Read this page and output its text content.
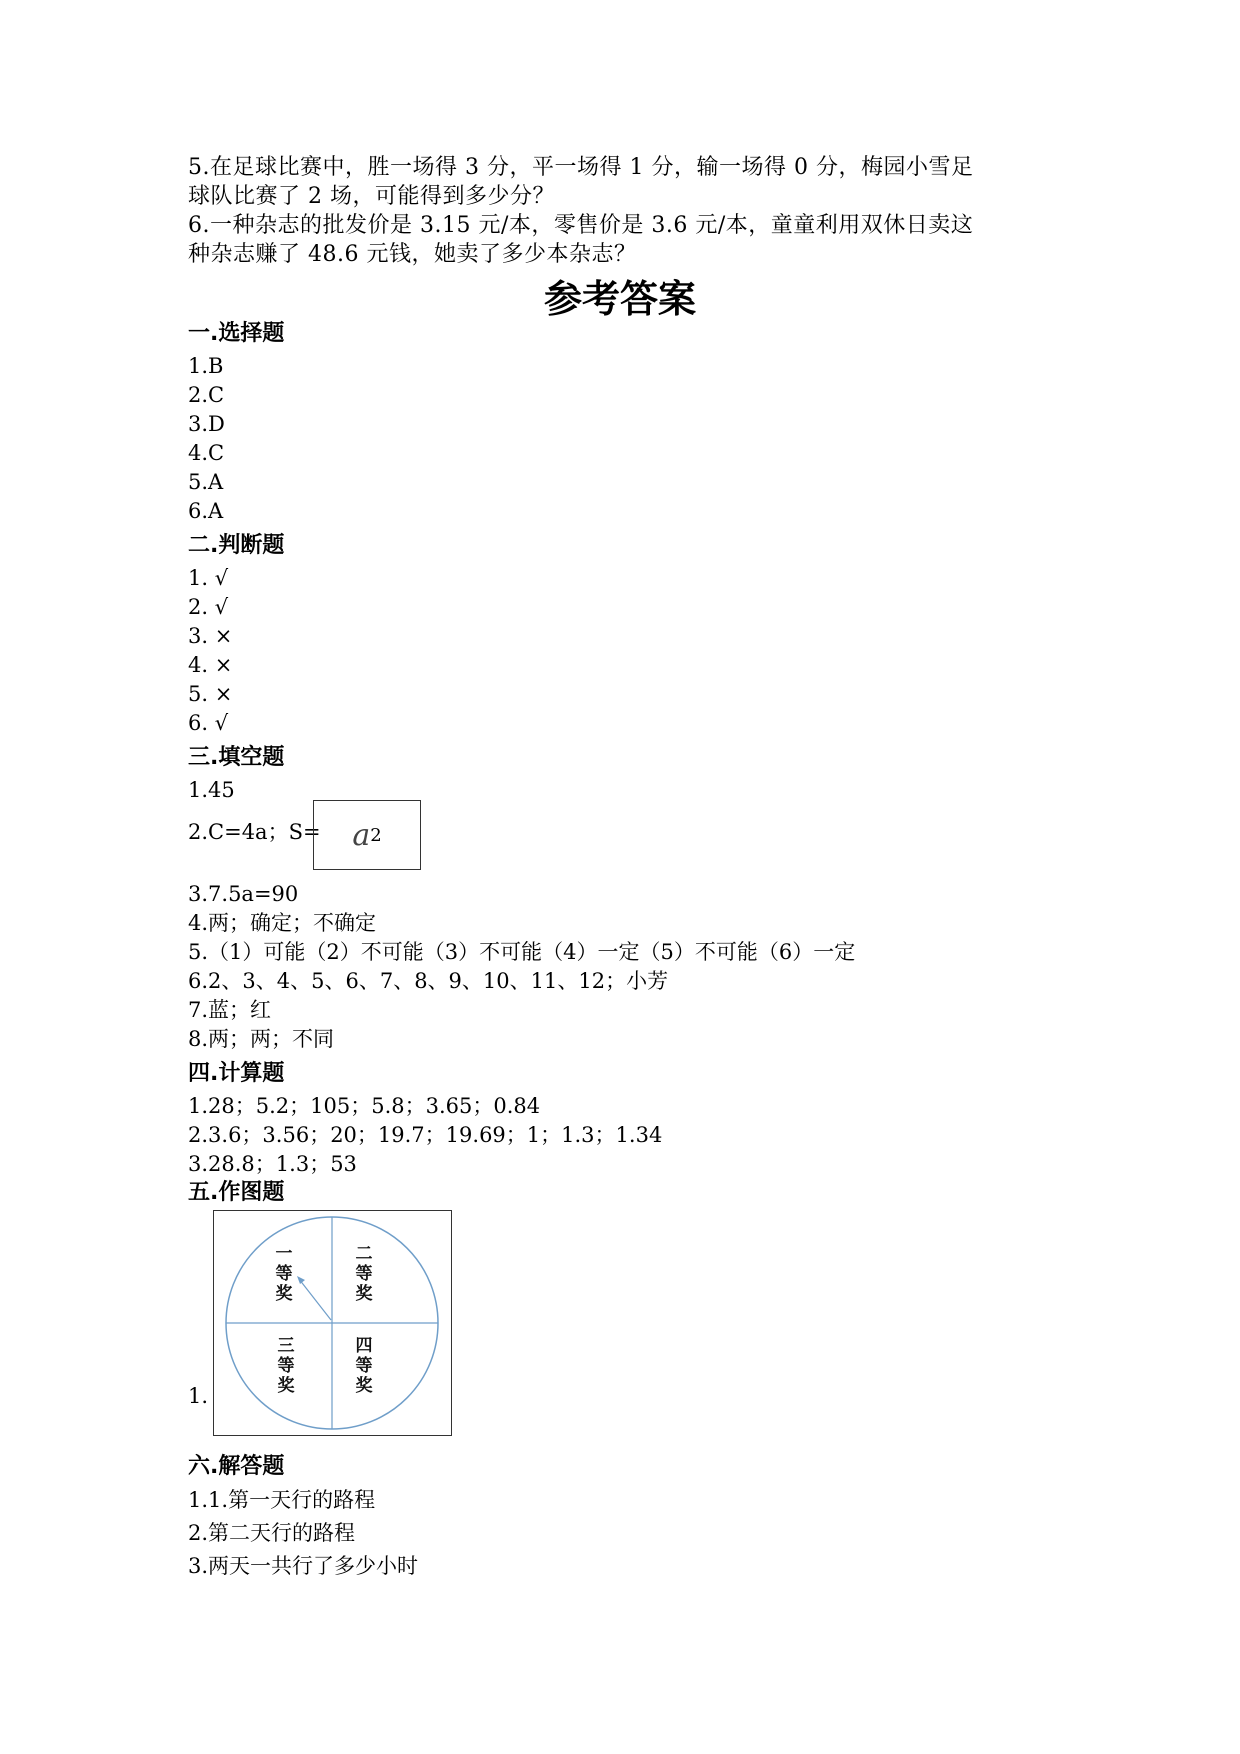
5.在足球比赛中，胜一场得 3 分，平一场得 1 分，输一场得 0 分，梅园小雪足
球队比赛了 2 场，可能得到多少分？
6.一种杂志的批发价是 3.15 元/本，零售价是 3.6 元/本，童童利用双休日卖这
种杂志赚了 48.6 元钱，她卖了多少本杂志？
参考答案
一.选择题
1.B
2.C
3.D
4.C
5.A
6.A
二.判断题
1. √
2. √
3. ×
4. ×
5. ×
6. √
三.填空题
1.45
2.C=4a；S= a 2
3.7.5a=90
4.两；确定；不确定
5.（1）可能（2）不可能（3）不可能（4）一定（5）不可能（6）一定
6.2、3、4、5、6、7、8、9、10、11、12；小芳
7.蓝；红
8.两；两；不同
四.计算题
1.28；5.2；105；5.8；3.65；0.84
2.3.6；3.56；20；19.7；19.69；1；1.3；1.34
3.28.8；1.3；53
五.作图题
1.
一
等
奖
二
等
奖
三
等
奖
四
等
奖
六.解答题
1.1.第一天行的路程
2.第二天行的路程
3.两天一共行了多少小时
